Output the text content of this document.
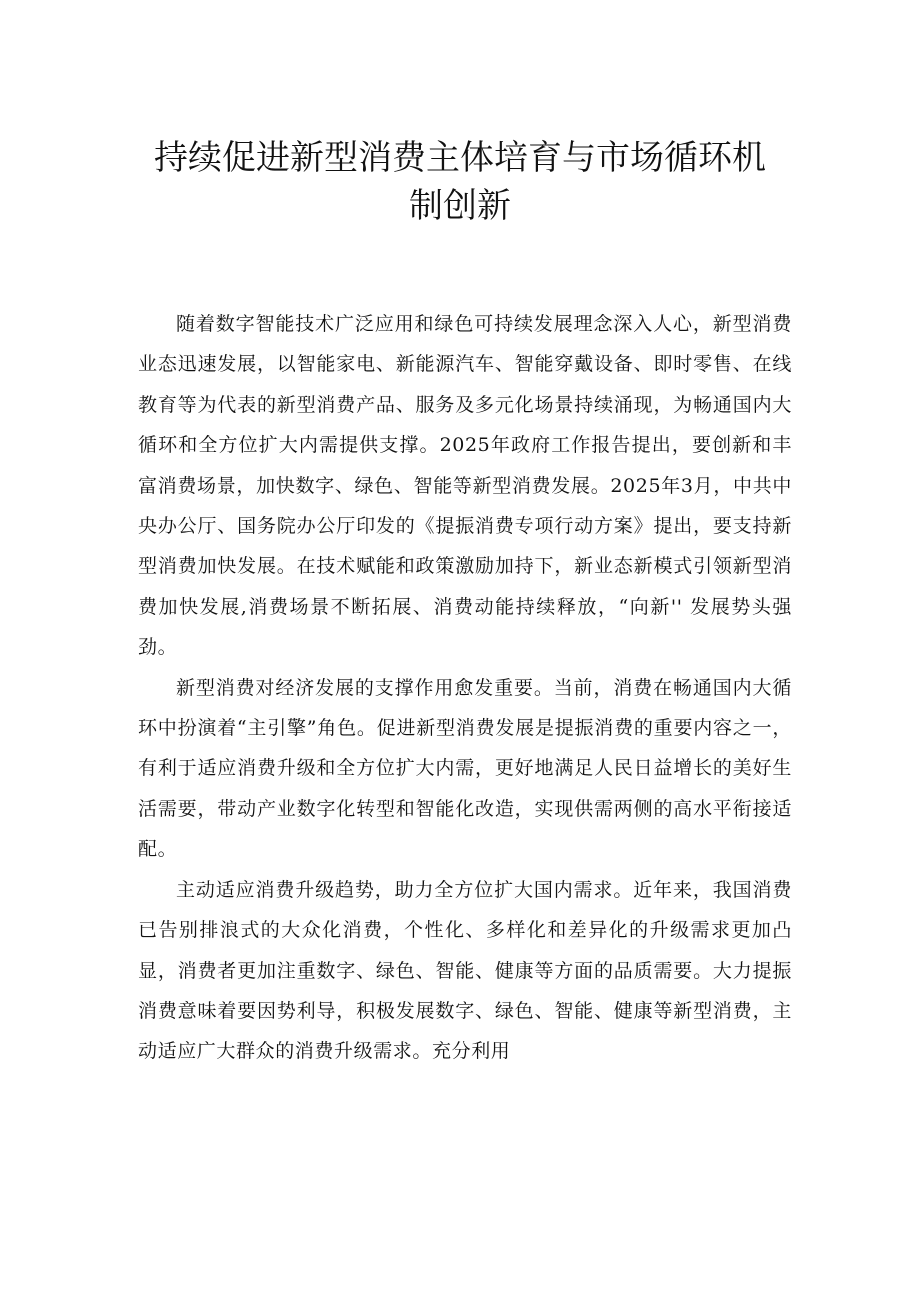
持续促进新型消费主体培育与市场循环机
制创新

随着数字智能技术广泛应用和绿色可持续发展理念深入人心，新型消费业态迅速发展，以智能家电、新能源汽车、智能穿戴设备、即时零售、在线教育等为代表的新型消费产品、服务及多元化场景持续涌现，为畅通国内大循环和全方位扩大内需提供支撑。2025年政府工作报告提出，要创新和丰富消费场景，加快数字、绿色、智能等新型消费发展。2025年3月，中共中央办公厅、国务院办公厅印发的《提振消费专项行动方案》提出，要支持新型消费加快发展。在技术赋能和政策激励加持下，新业态新模式引领新型消费加快发展,消费场景不断拓展、消费动能持续释放，“向新'' 发展势头强劲。

新型消费对经济发展的支撑作用愈发重要。当前，消费在畅通国内大循环中扮演着“主引擎”角色。促进新型消费发展是提振消费的重要内容之一，有利于适应消费升级和全方位扩大内需，更好地满足人民日益增长的美好生活需要，带动产业数字化转型和智能化改造，实现供需两侧的高水平衔接适配。

主动适应消费升级趋势，助力全方位扩大国内需求。近年来，我国消费已告别排浪式的大众化消费，个性化、多样化和差异化的升级需求更加凸显，消费者更加注重数字、绿色、智能、健康等方面的品质需要。大力提振消费意味着要因势利导，积极发展数字、绿色、智能、健康等新型消费，主动适应广大群众的消费升级需求。充分利用
